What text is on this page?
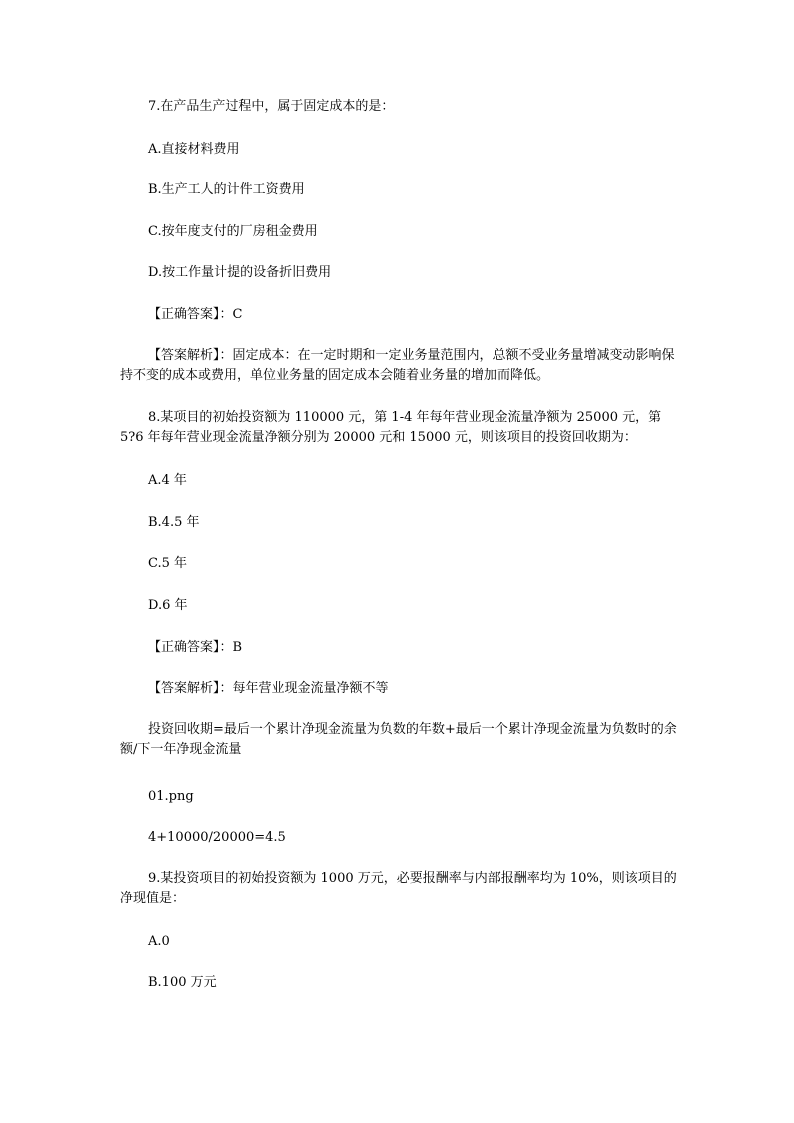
7.在产品生产过程中，属于固定成本的是：
A.直接材料费用
B.生产工人的计件工资费用
C.按年度支付的厂房租金费用
D.按工作量计提的设备折旧费用
【正确答案】：C
【答案解析】：固定成本：在一定时期和一定业务量范围内，总额不受业务量增减变动影响保持不变的成本或费用，单位业务量的固定成本会随着业务量的增加而降低。
8.某项目的初始投资额为 110000 元，第 1-4 年每年营业现金流量净额为 25000 元，第 5?6 年每年营业现金流量净额分别为 20000 元和 15000 元，则该项目的投资回收期为：
A.4 年
B.4.5 年
C.5 年
D.6 年
【正确答案】：B
【答案解析】：每年营业现金流量净额不等
投资回收期=最后一个累计净现金流量为负数的年数+最后一个累计净现金流量为负数时的余额/下一年净现金流量
01.png
4+10000/20000=4.5
9.某投资项目的初始投资额为 1000 万元，必要报酬率与内部报酬率均为 10%，则该项目的净现值是：
A.0
B.100 万元
